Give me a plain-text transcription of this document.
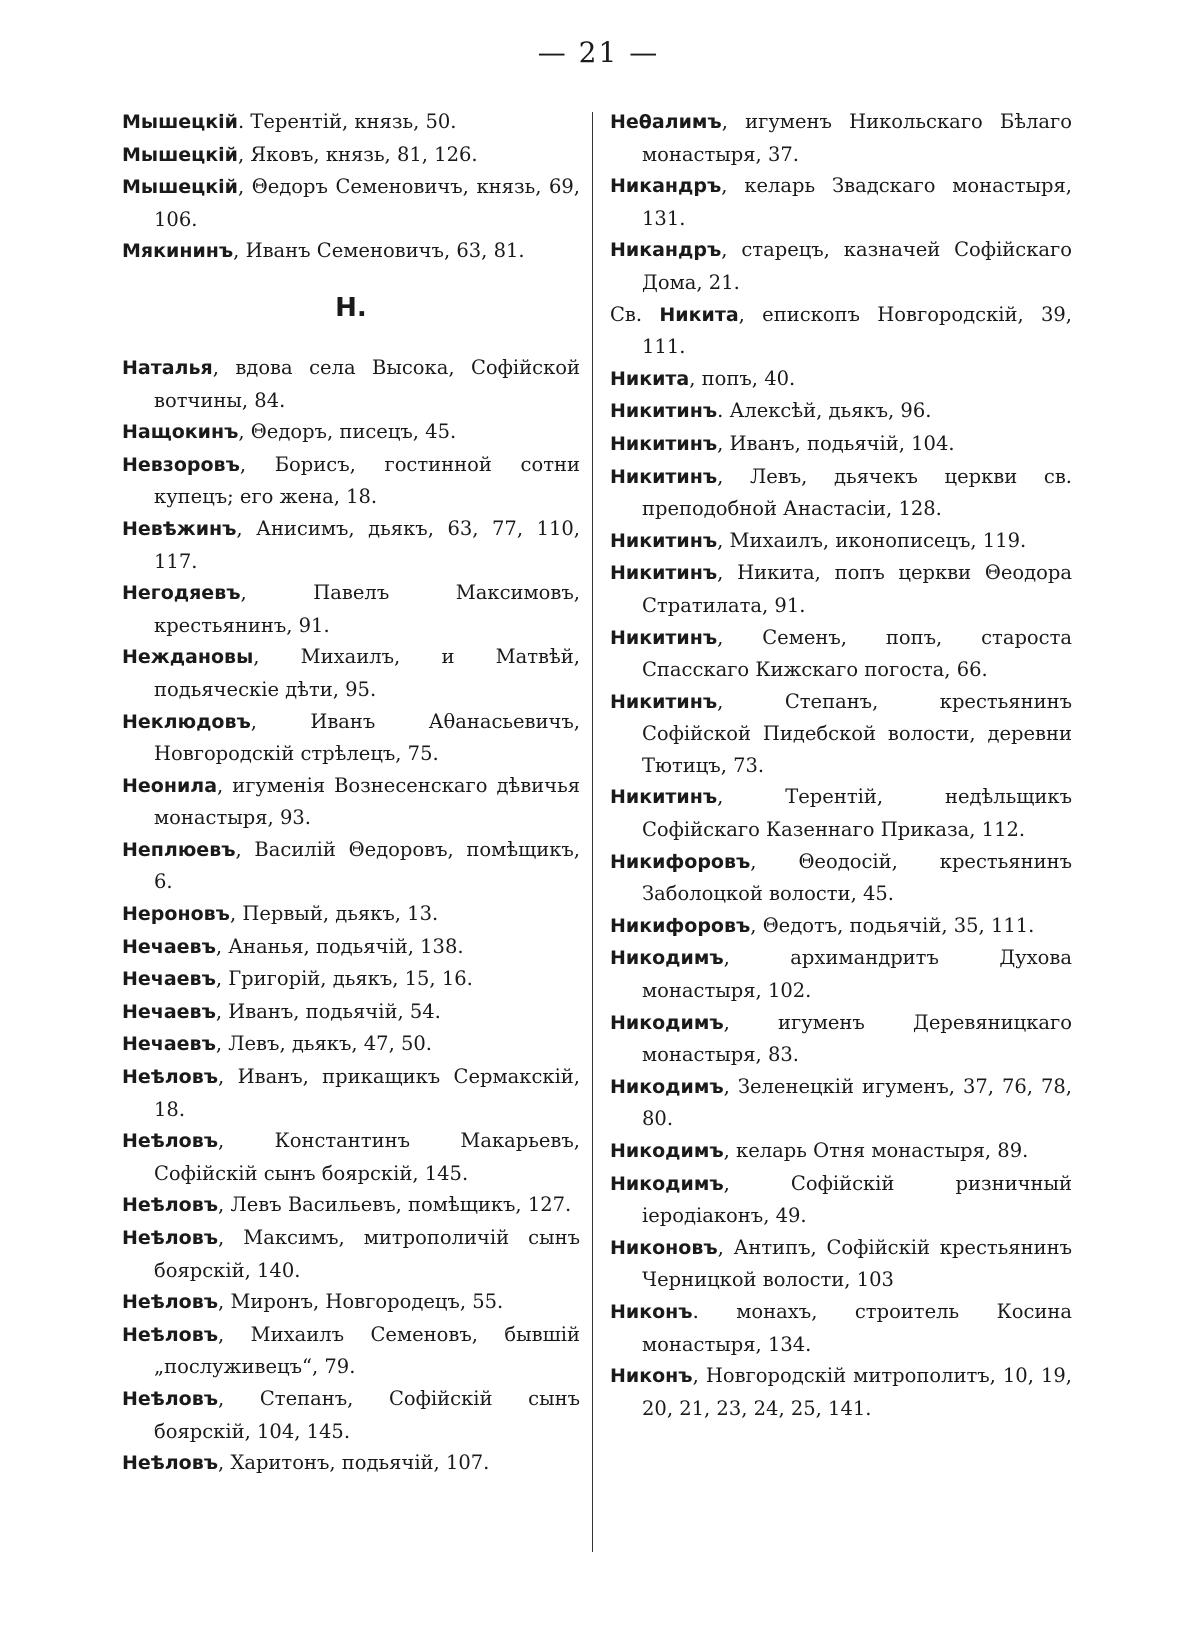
— 21 —

Мышецкій. Терентій, князь, 50.

Мышецкій, Яковъ, князь, 81, 126.

Мышецкій, Θедоръ Семеновичъ, князь, 69, 106.

Мякининъ, Иванъ Семеновичъ, 63, 81.

Н.

Наталья, вдова села Высока, Софійской вотчины, 84.

Нащокинъ, Θедоръ, писецъ, 45.

Невзоровъ, Борисъ, гостинной сотни купецъ; его жена, 18.

Невѣжинъ, Анисимъ, дьякъ, 63, 77, 110, 117.

Негодяевъ, Павелъ Максимовъ, крестьянинъ, 91.

Неждановы, Михаилъ, и Матвѣй, подьяческіе дѣти, 95.

Неклюдовъ, Иванъ Аθанасьевичъ, Новгородскій стрѣлецъ, 75.

Неонила, игуменія Вознесенскаго дѣвичья монастыря, 93.

Неплюевъ, Василій Θедоровъ, помѣщикъ, 6.

Нероновъ, Первый, дьякъ, 13.

Нечаевъ, Ананья, подьячій, 138.

Нечаевъ, Григорій, дьякъ, 15, 16.

Нечаевъ, Иванъ, подьячій, 54.

Нечаевъ, Левъ, дьякъ, 47, 50.

Неѣловъ, Иванъ, прикащикъ Сермакскій, 18.

Неѣловъ, Константинъ Макарьевъ, Софійскій сынъ боярскій, 145.

Неѣловъ, Левъ Васильевъ, помѣщикъ, 127.

Неѣловъ, Максимъ, митрополичій сынъ боярскій, 140.

Неѣловъ, Миронъ, Новгородецъ, 55.

Неѣловъ, Михаилъ Семеновъ, бывшій „послуживецъ“, 79.

Неѣловъ, Степанъ, Софійскій сынъ боярскій, 104, 145.

Неѣловъ, Харитонъ, подьячій, 107.

Неθалимъ, игуменъ Никольскаго Бѣлаго монастыря, 37.

Никандръ, келарь Звадскаго монастыря, 131.

Никандръ, старецъ, казначей Софійскаго Дома, 21.

Св. Никита, епископъ Новгородскій, 39, 111.

Никита, попъ, 40.

Никитинъ. Алексѣй, дьякъ, 96.

Никитинъ, Иванъ, подьячій, 104.

Никитинъ, Левъ, дьячекъ церкви св. преподобной Анастасіи, 128.

Никитинъ, Михаилъ, иконописецъ, 119.

Никитинъ, Никита, попъ церкви Θеодора Стратилата, 91.

Никитинъ, Семенъ, попъ, староста Спасскаго Кижскаго погоста, 66.

Никитинъ, Степанъ, крестьянинъ Софійской Пидебской волости, деревни Тютицъ, 73.

Никитинъ, Терентій, недѣльщикъ Софійскаго Казеннаго Приказа, 112.

Никифоровъ, Θеодосій, крестьянинъ Заболоцкой волости, 45.

Никифоровъ, Θедотъ, подьячій, 35, 111.

Никодимъ, архимандритъ Духова монастыря, 102.

Никодимъ, игуменъ Деревяницкаго монастыря, 83.

Никодимъ, Зеленецкій игуменъ, 37, 76, 78, 80.

Никодимъ, келарь Отня монастыря, 89.

Никодимъ, Софійскій ризничный іеродіаконъ, 49.

Никоновъ, Антипъ, Софійскій крестьянинъ Черницкой волости, 103

Никонъ. монахъ, строитель Косина монастыря, 134.

Никонъ, Новгородскій митрополитъ, 10, 19, 20, 21, 23, 24, 25, 141.
